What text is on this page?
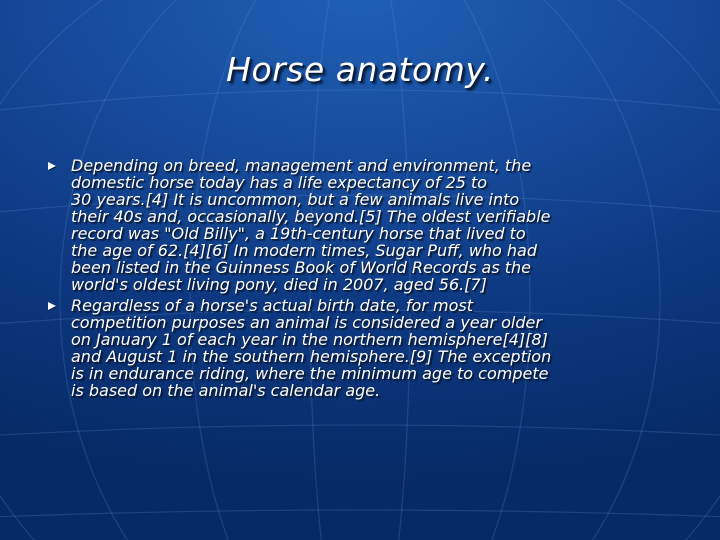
Horse anatomy.
Depending on breed, management and environment, the
domestic horse today has a life expectancy of 25 to
30 years.[4] It is uncommon, but a few animals live into
their 40s and, occasionally, beyond.[5] The oldest verifiable
record was "Old Billy", a 19th-century horse that lived to
the age of 62.[4][6] In modern times, Sugar Puff, who had
been listed in the Guinness Book of World Records as the
world's oldest living pony, died in 2007, aged 56.[7]
Regardless of a horse's actual birth date, for most
competition purposes an animal is considered a year older
on January 1 of each year in the northern hemisphere[4][8]
and August 1 in the southern hemisphere.[9] The exception
is in endurance riding, where the minimum age to compete
is based on the animal's calendar age.
